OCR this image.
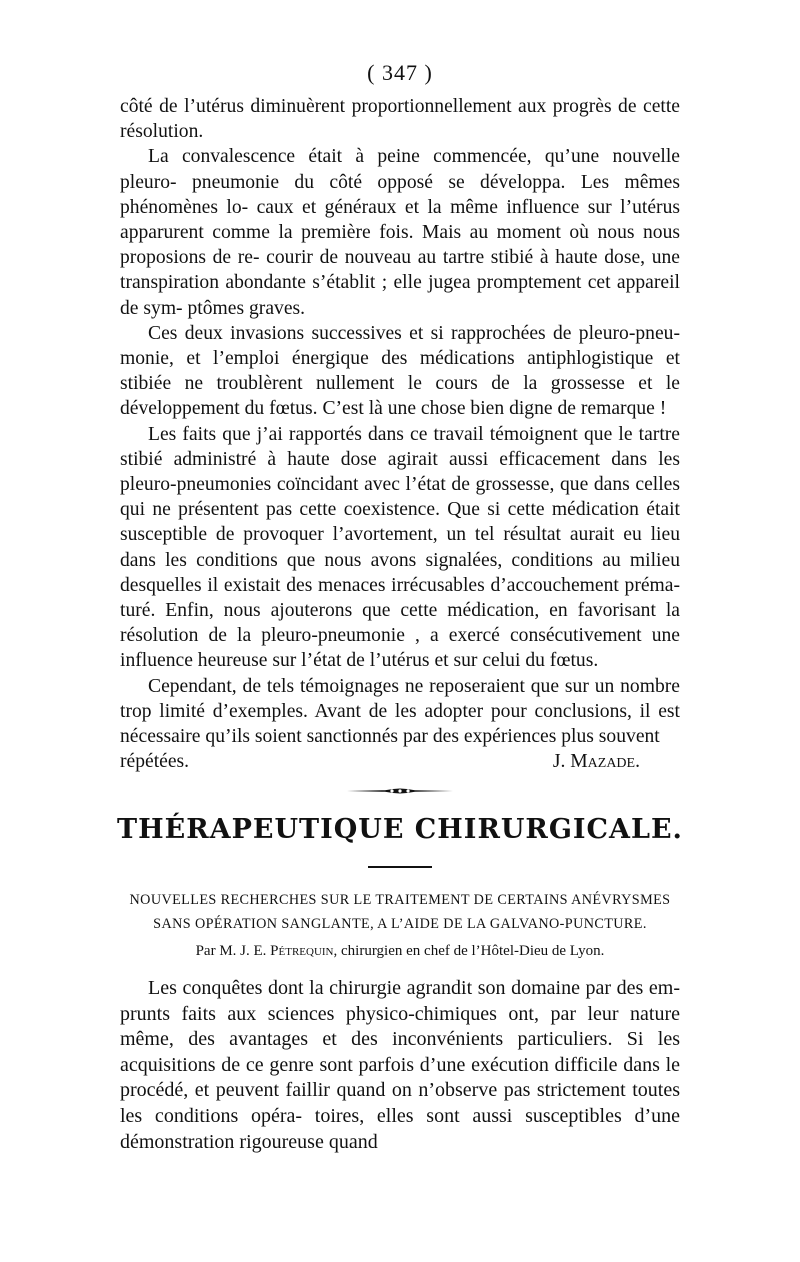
( 347 )

côté de l’utérus diminuèrent proportionnellement aux progrès de cette résolution.

La convalescence était à peine commencée, qu’une nouvelle pleuro- pneumonie du côté opposé se développa. Les mêmes phénomènes lo- caux et généraux et la même influence sur l’utérus apparurent comme la première fois. Mais au moment où nous nous proposions de re- courir de nouveau au tartre stibié à haute dose, une transpiration abondante s’établit ; elle jugea promptement cet appareil de sym- ptômes graves.

Ces deux invasions successives et si rapprochées de pleuro-pneu- monie, et l’emploi énergique des médications antiphlogistique et stibiée ne troublèrent nullement le cours de la grossesse et le développement du fœtus. C’est là une chose bien digne de remarque !

Les faits que j’ai rapportés dans ce travail témoignent que le tartre stibié administré à haute dose agirait aussi efficacement dans les pleuro-pneumonies coïncidant avec l’état de grossesse, que dans celles qui ne présentent pas cette coexistence. Que si cette médication était susceptible de provoquer l’avortement, un tel résultat aurait eu lieu dans les conditions que nous avons signalées, conditions au milieu desquelles il existait des menaces irrécusables d’accouchement préma- turé. Enfin, nous ajouterons que cette médication, en favorisant la résolution de la pleuro-pneumonie , a exercé consécutivement une influence heureuse sur l’état de l’utérus et sur celui du fœtus.

Cependant, de tels témoignages ne reposeraient que sur un nombre trop limité d’exemples. Avant de les adopter pour conclusions, il est nécessaire qu’ils soient sanctionnés par des expériences plus souvent

répétées.	J. Mazade.
THÉRAPEUTIQUE CHIRURGICALE.
NOUVELLES RECHERCHES SUR LE TRAITEMENT DE CERTAINS ANÉVRYSMES
SANS OPÉRATION SANGLANTE, A L’AIDE DE LA GALVANO-PUNCTURE.
Par M. J. E. Pétrequin, chirurgien en chef de l’Hôtel-Dieu de Lyon.

Les conquêtes dont la chirurgie agrandit son domaine par des em- prunts faits aux sciences physico-chimiques ont, par leur nature même, des avantages et des inconvénients particuliers. Si les acquisitions de ce genre sont parfois d’une exécution difficile dans le procédé, et peuvent faillir quand on n’observe pas strictement toutes les conditions opéra- toires, elles sont aussi susceptibles d’une démonstration rigoureuse quand
